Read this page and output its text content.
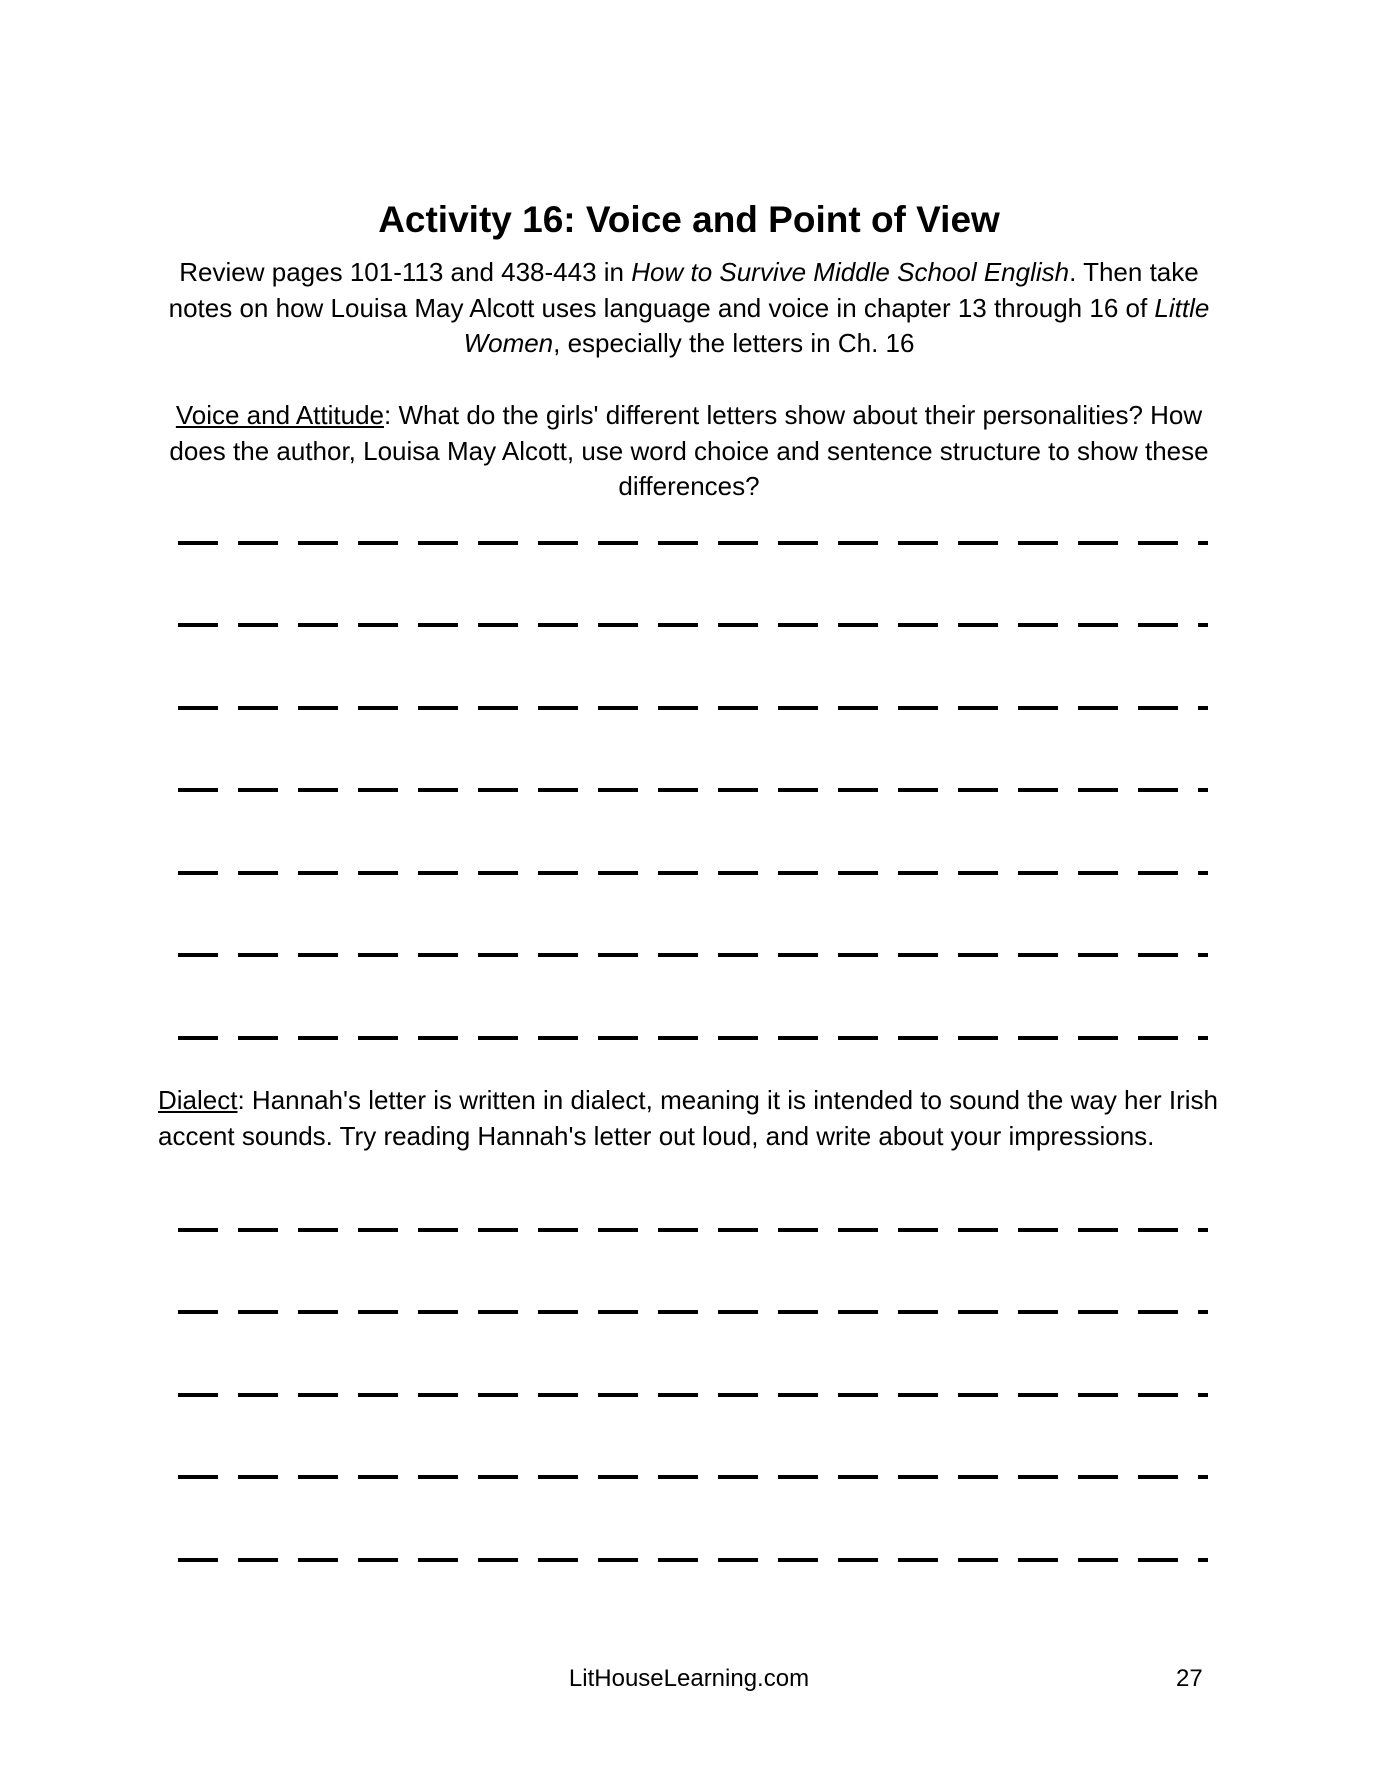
Activity 16: Voice and Point of View

Review pages 101-113 and 438-443 in How to Survive Middle School English. Then take notes on how Louisa May Alcott uses language and voice in chapter 13 through 16 of Little Women, especially the letters in Ch. 16

Voice and Attitude: What do the girls' different letters show about their personalities? How does the author, Louisa May Alcott, use word choice and sentence structure to show these differences?

Dialect: Hannah's letter is written in dialect, meaning it is intended to sound the way her Irish accent sounds. Try reading Hannah's letter out loud, and write about your impressions.

LitHouseLearning.com	27
